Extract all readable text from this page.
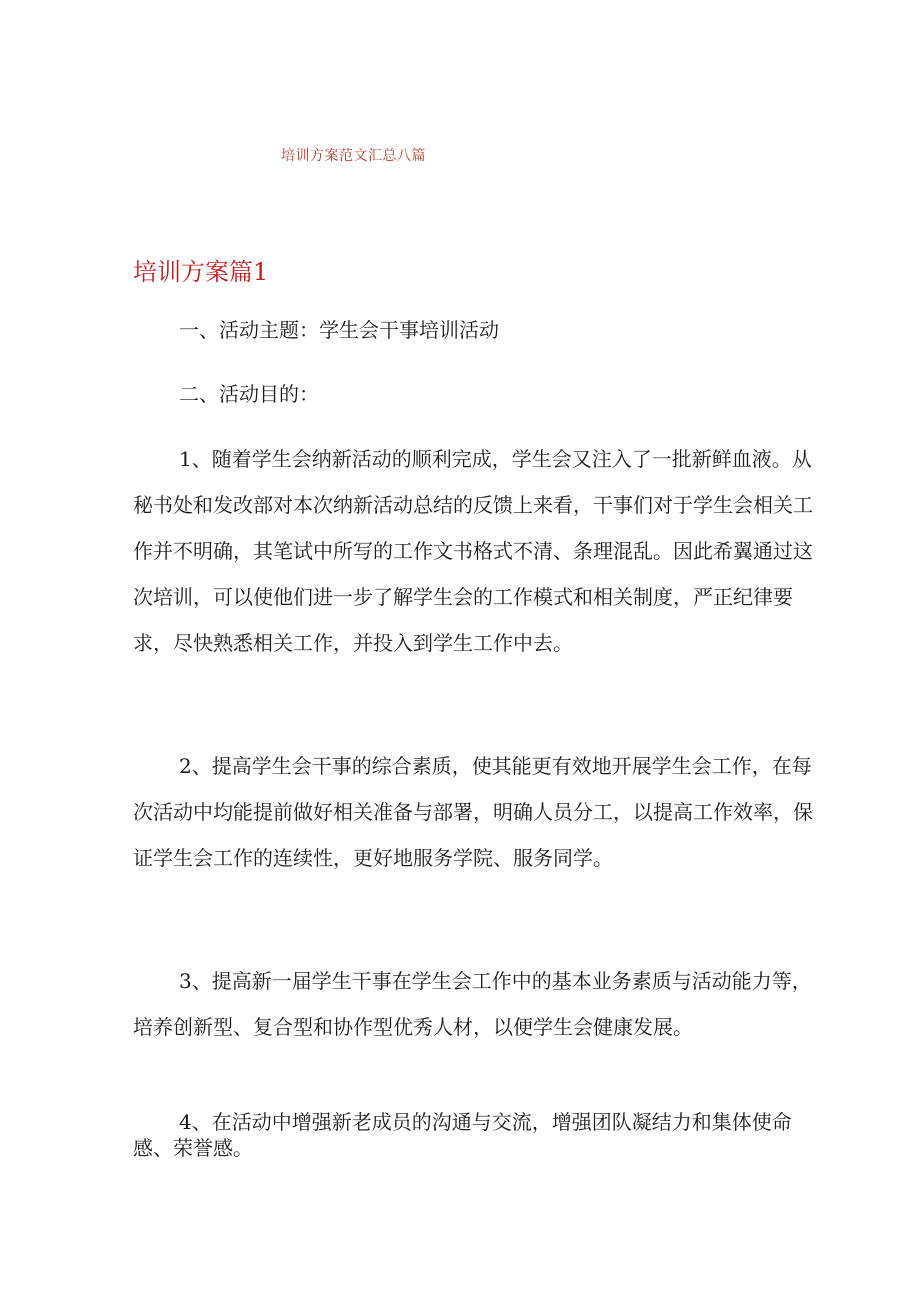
培训方案范文汇总八篇
培训方案篇1

一、活动主题：学生会干事培训活动

二、活动目的：

1、随着学生会纳新活动的顺利完成，学生会又注入了一批新鲜血液。从秘书处和发改部对本次纳新活动总结的反馈上来看，干事们对于学生会相关工作并不明确，其笔试中所写的工作文书格式不清、条理混乱。因此希翼通过这次培训，可以使他们进一步了解学生会的工作模式和相关制度，严正纪律要求，尽快熟悉相关工作，并投入到学生工作中去。

2、提高学生会干事的综合素质，使其能更有效地开展学生会工作，在每次活动中均能提前做好相关准备与部署，明确人员分工，以提高工作效率，保证学生会工作的连续性，更好地服务学院、服务同学。

3、提高新一届学生干事在学生会工作中的基本业务素质与活动能力等，培养创新型、复合型和协作型优秀人材，以便学生会健康发展。

4、在活动中增强新老成员的沟通与交流，增强团队凝结力和集体使命感、荣誉感。
